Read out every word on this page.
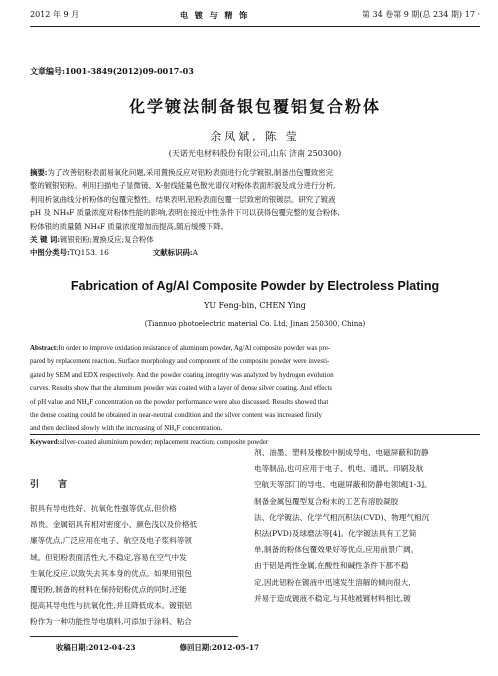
2012 年 9 月	电 镀 与 精 饰	第 34 卷第 9 期(总 234 期)
· 17 ·
文章编号:1001-3849(2012)09-0017-03
化学镀法制备银包覆铝复合粉体
余凤斌, 陈 莹
(天诺光电材料股份有限公司,山东 济南 250300)

摘要:为了改善铝粉表面易氧化问题,采用置换反应对铝粉表面进行化学镀银,制备出包覆致密完

整的镀银铝粉。利用扫描电子显微镜、X-射线能量色散光谱仪对粉体表面形貌及成分进行分析,

利用析氢曲线分析粉体的包覆完整性。结果表明,铝粉表面包覆一层致密的银镀层。研究了镀液

pH 及 NH₄F 质量浓度对粉体性能的影响,表明在接近中性条件下可以获得包覆完整的复合粉体,

粉体银的质量随 NH₄F 质量浓度增加而提高,随后缓慢下降。

关 键 词:镀银铝粉;置换反应;复合粉体

中图分类号:TQ153. 16	文献标识码:A

Fabrication of Ag/Al Composite Powder by Electroless Plating
YU Feng-bin, CHEN Ying
(Tiannuo photoelectric material Co. Ltd, Jinan 250300, China)

Abstract:In order to improve oxidation resistance of aluminum powder, Ag/Al composite powder was pre-

pared by replacement reaction. Surface morphology and component of the composite powder were investi-

gated by SEM and EDX respectively. And the powder coating integrity was analyzed by hydrogen evolution

curves. Results show that the aluminum powder was coated with a layer of dense silver coating. And effects

of pH value and NH₄F concentration on the powder performance were also discussed. Results showed that

the dense coating could be obtained in near-neutral condition and the silver content was increased firstly

and then declined slowly with the increasing of NH₄F concentration.

Keyword:silver-coated aluminium powder; replacement reaction; composite powder

引 言

银具有导电性好、抗氧化性强等优点,但价格

昂贵。金属铝具有相对密度小、颜色浅以及价格低

廉等优点,广泛应用在电子、航空及电子浆料等领

域。但铝粉表面活性大,不稳定,容易在空气中发

生氧化反应,以致失去其本身的优点。如果用银包

覆铝粉,制备的材料在保持铝粉优点的同时,还能

提高其导电性与抗氧化性,并且降低成本。镀银铝

粉作为一种功能性导电填料,可添加于涂料、粘合

剂、油墨、塑料及橡胶中制成导电、电磁屏蔽和防静

电等制品,也可应用于电子、机电、通讯、印刷及航

空航天等部门的导电、电磁屏蔽和防静电领域[1-3]。

制备金属包覆型复合粉末的工艺有溶胶凝胶

法、化学镀法、化学气相沉积法(CVD)、物理气相沉

积法(PVD)及球磨法等[4]。化学镀法具有工艺简

单,制备的粉体包覆效果好等优点,应用前景广阔。

由于铝是两性金属,在酸性和碱性条件下都不稳

定,因此铝粉在镀液中迅速发生溶解的倾向很大,

并易于造成镀液不稳定,与其他被镀材料相比,镀

收稿日期:2012-04-23	修回日期:2012-05-17
